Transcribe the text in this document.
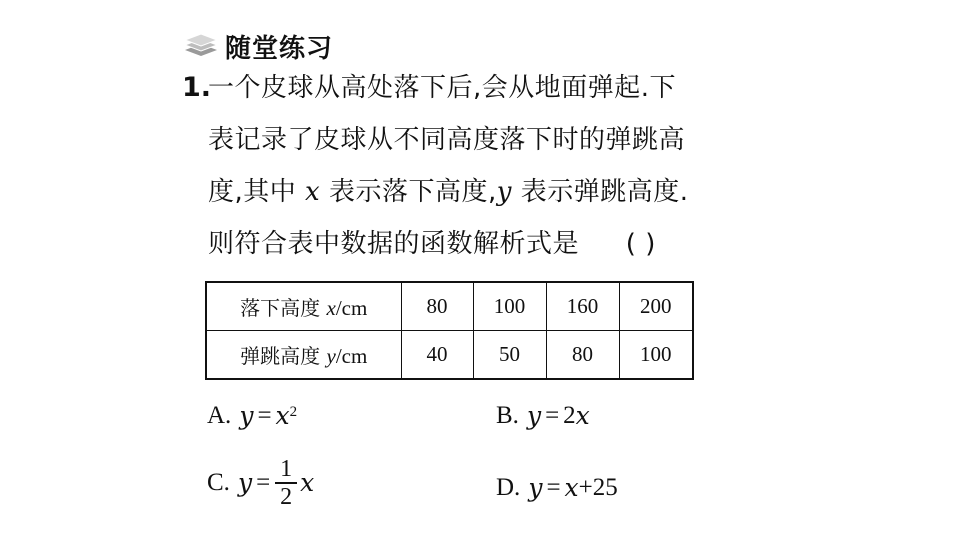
随堂练习
1.
一个皮球从高处落下后,会从地面弹起.下
表记录了皮球从不同高度落下时的弹跳高
度,其中 x 表示落下高度,y 表示弹跳高度.
则符合表中数据的函数解析式是 ( )
落下高度 x/cm	80	100	160	200
弹跳高度 y/cm	40	50	80	100
A. $y = x^2$	B. y = 2 x
C. $y = \frac{1}{2}$ x	D. y = x +25
